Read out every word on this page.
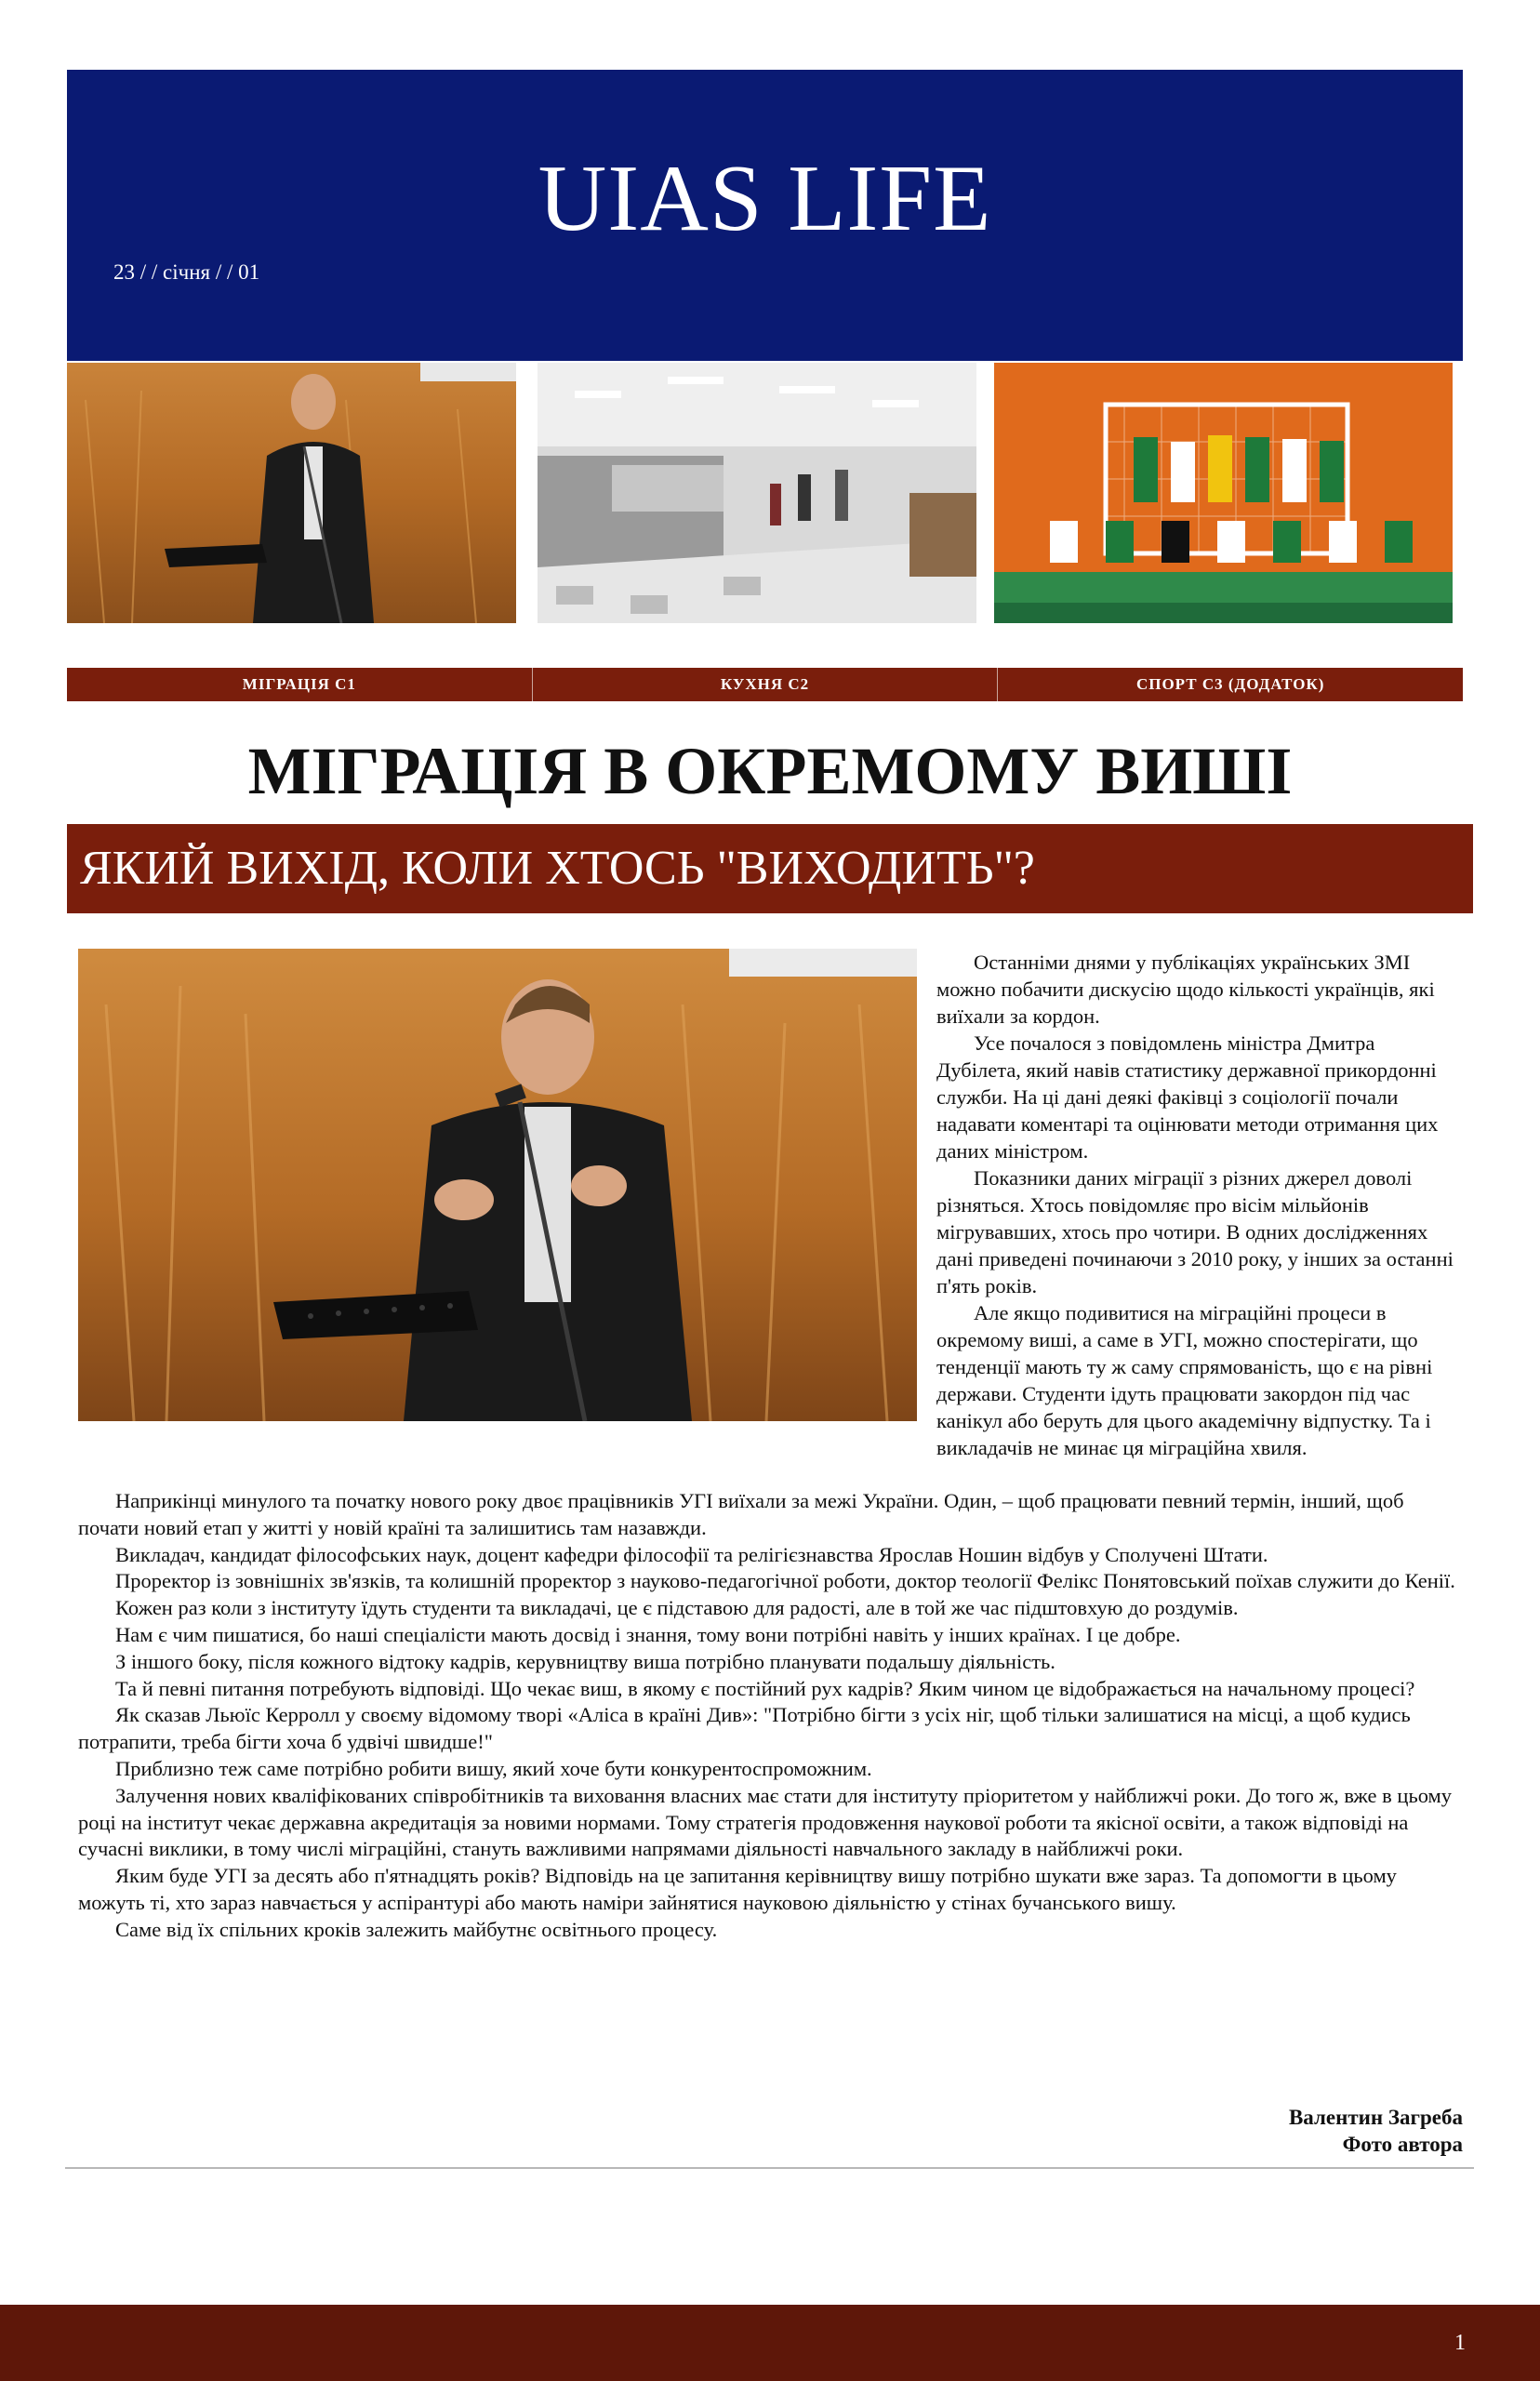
UIAS LIFE
23 / / січня / / 01
МІГРАЦІЯ С1	КУХНЯ С2	СПОРТ С3 (ДОДАТОК)
МІГРАЦІЯ В ОКРЕМОМУ ВИШІ
ЯКИЙ ВИХІД, КОЛИ ХТОСЬ "ВИХОДИТЬ"?

Останніми днями у публікаціях українських ЗМІ можно побачити дискусію щодо кількості українців, які виїхали за кордон.

Усе почалося з повідомлень міністра Дмитра Дубілета, який навів статистику державної прикордонні служби. На ці дані деякі факівці з соціології почали надавати коментарі та оцінювати методи отримання цих даних міністром.

Показники даних міграції з різних джерел доволі різняться. Хтось повідомляє про вісім мільйонів мігрувавших, хтось про чотири. В одних дослідженнях дані приведені починаючи з 2010 року, у інших за останні п'ять років.

Але якщо подивитися на міграційні процеси в окремому виші, а саме в УГІ, можно спостерігати, що тенденції мають ту ж саму спрямованість, що є на рівні держави. Студенти ідуть працювати закордон під час канікул або беруть для цього академічну відпустку. Та і викладачів не минає ця міграційна хвиля.

Наприкінці минулого та початку нового року двоє працівників УГІ виїхали за межі України. Один, – щоб працювати певний термін, інший, щоб почати новий етап у житті у новій країні та залишитись там назавжди.

Викладач, кандидат філософських наук, доцент кафедри філософії та релігієзнавства Ярослав Ношин відбув у Сполучені Штати.

Проректор із зовнішніх зв'язків, та колишній проректор з науково-педагогічної роботи, доктор теології Фелікс Понятовський поїхав служити до Кенії.

Кожен раз коли з інституту їдуть студенти та викладачі, це є підставою для радості, але в той же час підштовхую до роздумів.

Нам є чим пишатися, бо наші спеціалісти мають досвід і знання, тому вони потрібні навіть у інших країнах. І це добре.

З іншого боку, після кожного відтоку кадрів, керувництву виша потрібно планувати подальшу діяльність.

Та й певні питання потребують відповіді. Що чекає виш, в якому є постійний рух кадрів? Яким чином це відображається на начальному процесі?

Як сказав Льюїс Керролл у своєму відомому творі «Аліса в країні Див»: "Потрібно бігти з усіх ніг, щоб тільки залишатися на місці, а щоб кудись потрапити, треба бігти хоча б удвічі швидше!"

Приблизно теж саме потрібно робити вишу, який хоче бути конкурентоспроможним.

Залучення нових кваліфікованих співробітників та виховання власних має стати для інституту пріоритетом у найближчі роки. До того ж, вже в цьому році на інститут чекає державна акредитація за новими нормами. Тому стратегія продовження наукової роботи та якісної освіти, а також відповіді на сучасні виклики, в тому числі міграційні, стануть важливими напрямами діяльності навчального закладу в найближчі роки.

Яким буде УГІ за десять або п'ятнадцять років? Відповідь на це запитання керівництву вишу потрібно шукати вже зараз. Та допомогти в цьому можуть ті, хто зараз навчається у аспірантурі або мають наміри зайнятися науковою діяльністю у стінах бучанського вишу.

Саме від їх спільних кроків залежить майбутнє освітнього процесу.

Валентин Загреба
Фото автора
1
